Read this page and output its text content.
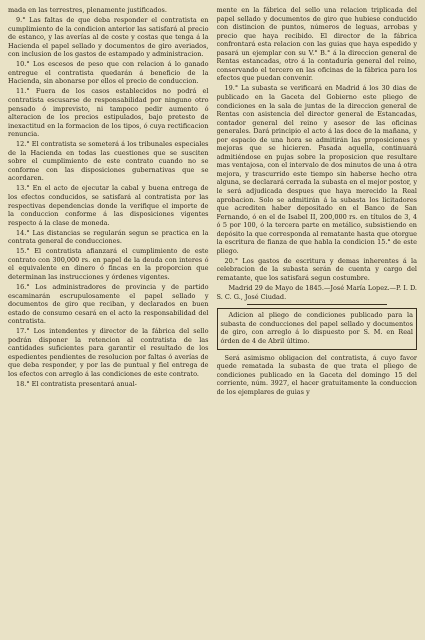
mada en las terrestres, plenamente justificados.

9.° Las faltas de que deba responder el contratista en cumplimiento de la condicion anterior las satisfará al precio de estanco, y las averías al de coste y costas que tenga á la Hacienda el papel sellado y documentos de giro averiados, con inclusion de los gastos de estampado y administracion.

10.° Los escesos de peso que con relacion á lo ganado entregue el contratista quedarán á beneficio de la Hacienda, sin abonarse por ellos el precio de conduccion.

11.° Fuera de los casos establecidos no podrá el contratista escusarse de responsabilidad por ninguno otro pensado ó imprevisto, ni tampoco pedir aumento ó alteracion de los precios estipulados, bajo pretesto de inexactitud en la formacion de los tipos, ó cuya rectificacion renuncia.

12.° El contratista se someterá á los tribunales especiales de la Hacienda en todas las cuestiones que se susciten sobre el cumplimiento de este contrato cuando no se conforme con las disposiciones gubernativas que se acordaren.

13.° En el acto de ejecutar la cabal y buena entrega de los efectos conducidos, se satisfará al contratista por las respectivas dependencias donde la verifique el importe de la conduccion conforme á las disposiciones vigentes respecto á la clase de moneda.

14.° Las distancias se regularán segun se practica en la contrata general de conducciones.

15.° El contratista afianzará el cumplimiento de este contrato con 300,000 rs. en papel de la deuda con interes ó el equivalente en dinero ó fincas en la proporcion que determinan las instrucciones y órdenes vigentes.

16.° Los administradores de provincia y de partido escaminarán escrupulosamente el papel sellado y documentos de giro que reciban, y declarados en buen estado de consumo cesará en el acto la responsabilidad del contratista.

17.° Los intendentes y director de la fábrica del sello podrán disponer la retencion al contratista de las cantidades suficientes para garantir el resultado de los espedientes pendientes de resolucion por faltas ó averías de que deba responder, y por las de puntual y fiel entrega de los efectos con arreglo á las condiciones de este contrato.

18.° El contratista presentará anual-

mente en la fábrica del sello una relacion triplicada del papel sellado y documentos de giro que hubiese conducido con distincion de puntos, números de leguas, arrobas y precio que haya recibido. El director de la fábrica confrontará esta relacion con las guias que haya espedido y pasará un ejemplar con su V.° B.° á la direccion general de Rentas estancadas, otro á la contaduría general del reino, conservando el tercero en las oficinas de la fábrica para los efectos que puedan convenir.

19.° La subasta se verificará en Madrid á los 30 dias de publicado en la Gaceta del Gobierno este pliego de condiciones en la sala de juntas de la direccion general de Rentas con asistencia del director general de Estancadas, contador general del reino y asesor de las oficinas generales. Dará principio el acto á las doce de la mañana, y por espacio de una hora se admitirán las proposiciones y mejoras que se hicieren. Pasada aquella, continuará admitiéndose en pujas sobre la proposicion que resultare mas ventajosa, con el intervalo de dos minutos de una á otra mejora, y trascurrido este tiempo sin haberse hecho otra alguna, se declarará cerrada la subasta en el mejor postor, y le será adjudicada despues que haya merecido la Real aprobacion. Solo se admitirán á la subasta los licitadores que acrediten haber depositado en el Banco de San Fernando, ó en el de Isabel II, 200,000 rs. en títulos de 3, 4 ó 5 por 100, ó la tercera parte en metálico, subsistiendo en depósito la que corresponda al rematante hasta que otorgue la escritura de fianza de que habla la condicion 15.° de este pliego.

20.° Los gastos de escritura y demas inherentes á la celebracion de la subasta serán de cuenta y cargo del rematante, que los satisfará segun costumbre.

Madrid 29 de Mayo de 1845.—José María Lopez.—P. I. D. S. C. G., José Ciudad.

Adicion al pliego de condiciones publicado para la subasta de conducciones del papel sellado y documentos de giro, con arreglo á lo dispuesto por S. M. en Real órden de 4 de Abril último.

Será asimismo obligacion del contratista, á cuyo favor quede rematada la subasta de que trata el pliego de condiciones publicado en la Gaceta del domingo 15 del corriente, núm. 3927, el hacer gratuitamente la conduccion de los ejemplares de guias y
